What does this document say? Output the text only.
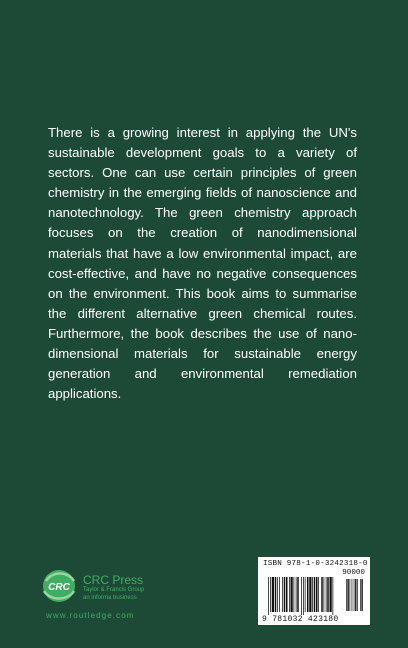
There is a growing interest in applying the UN's sustainable development goals to a variety of sectors. One can use certain principles of green chemistry in the emerging fields of nanoscience and nanotechnology. The green chemistry approach focuses on the creation of nanodimensional materials that have a low environmental impact, are cost-effective, and have no negative consequences on the environment. This book aims to summarise the different alternative green chemical routes. Furthermore, the book describes the use of nano-dimensional materials for sustainable energy generation and environmental remediation applications.

CRC
CRC Press
Taylor & Francis Group
an informa business
www.routledge.com
ISBN 978-1-0-3242318-0
90000
9 781032 423180
